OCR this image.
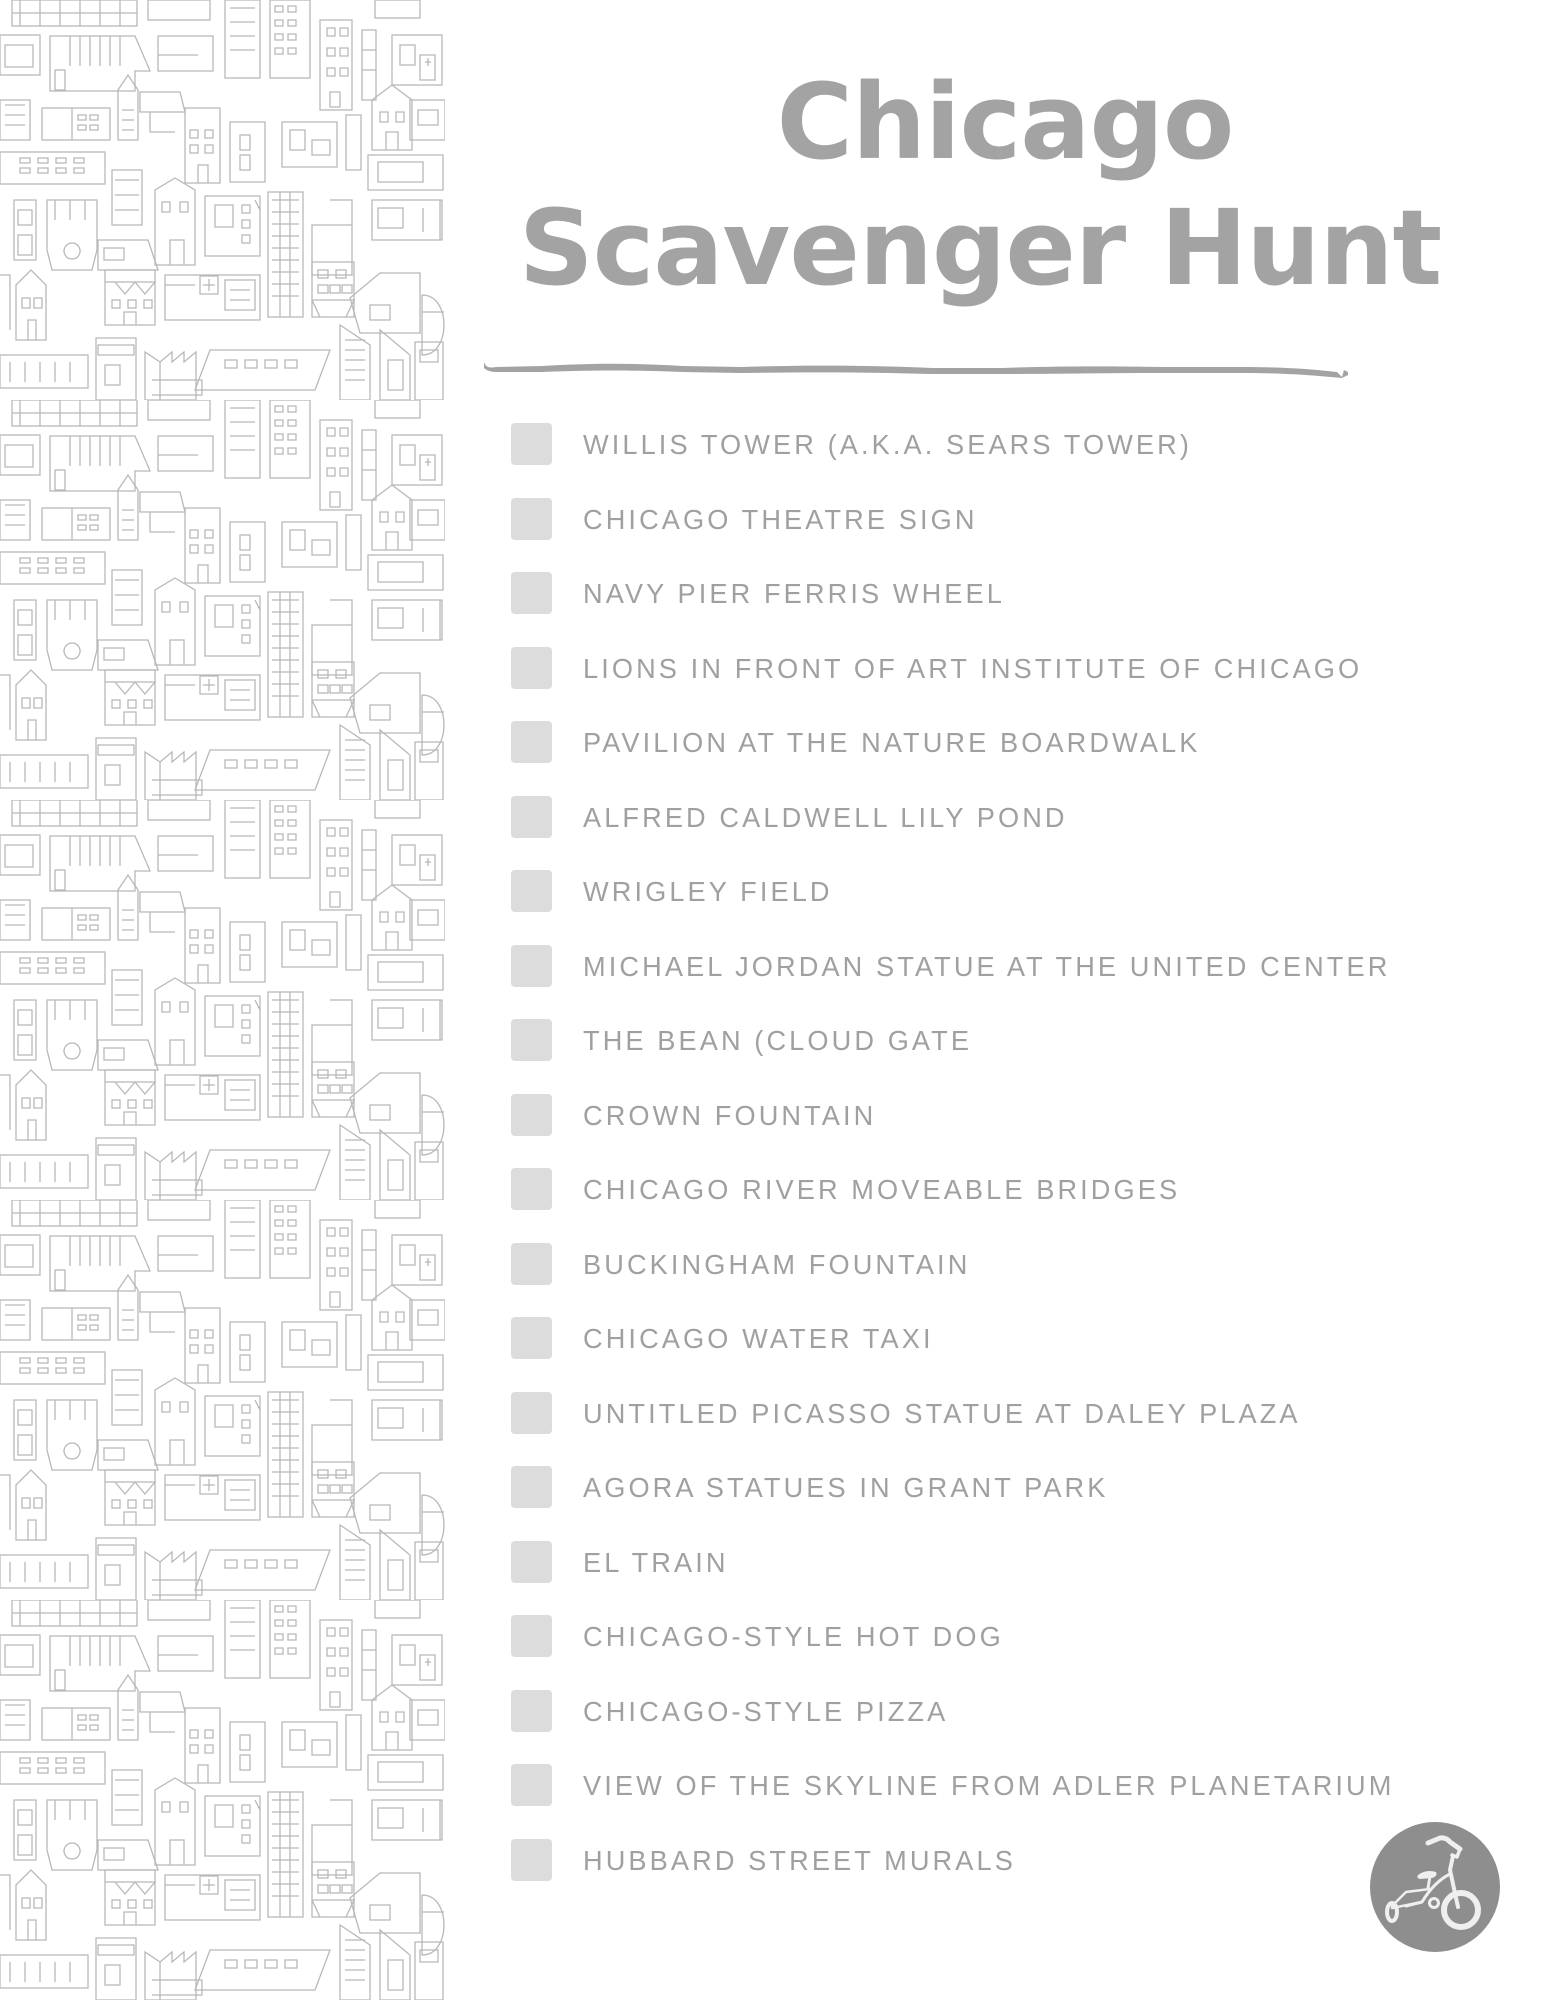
Chicago
Scavenger Hunt
WILLIS TOWER (A.K.A. SEARS TOWER)
CHICAGO THEATRE SIGN
NAVY PIER FERRIS WHEEL
LIONS IN FRONT OF ART INSTITUTE OF CHICAGO
PAVILION AT THE NATURE BOARDWALK
ALFRED CALDWELL LILY POND
WRIGLEY FIELD
MICHAEL JORDAN STATUE AT THE UNITED CENTER
THE BEAN (CLOUD GATE
CROWN FOUNTAIN
CHICAGO RIVER MOVEABLE BRIDGES
BUCKINGHAM FOUNTAIN
CHICAGO WATER TAXI
UNTITLED PICASSO STATUE AT DALEY PLAZA
AGORA STATUES IN GRANT PARK
EL TRAIN
CHICAGO-STYLE HOT DOG
CHICAGO-STYLE PIZZA
VIEW OF THE SKYLINE FROM ADLER PLANETARIUM
HUBBARD STREET MURALS
